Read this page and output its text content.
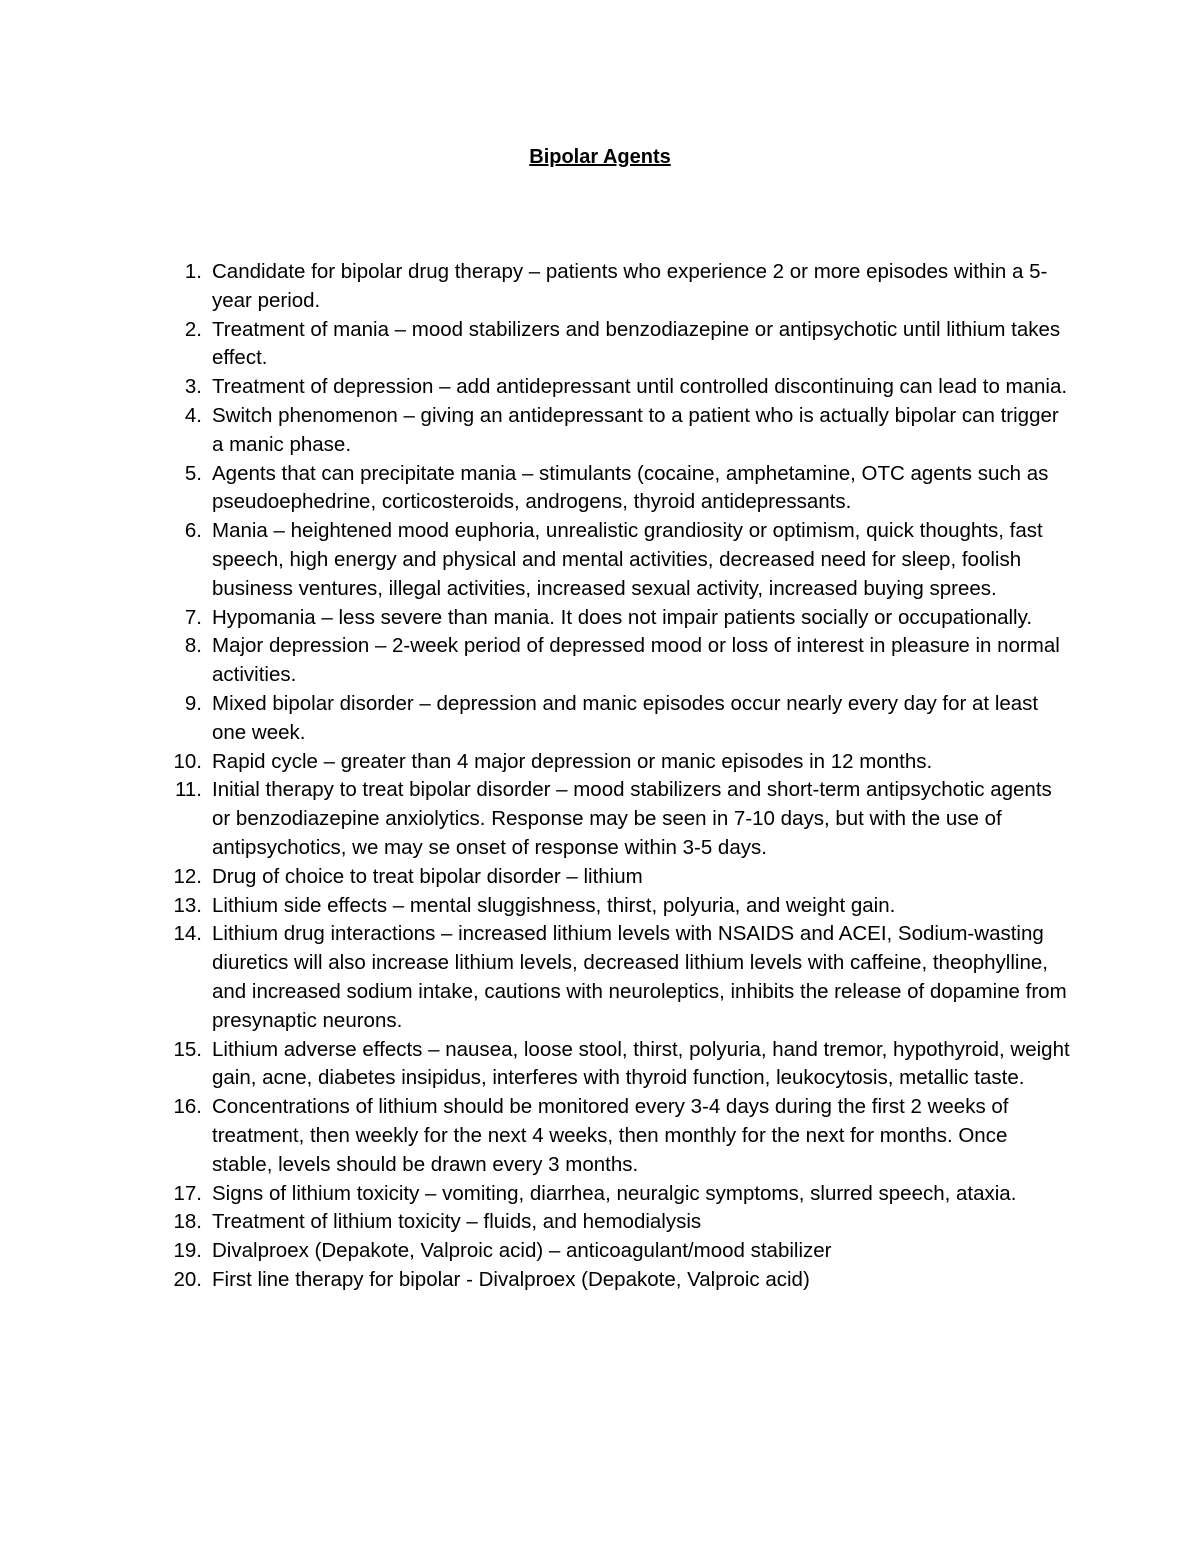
Bipolar Agents
1. Candidate for bipolar drug therapy – patients who experience 2 or more episodes within a 5-year period.
2. Treatment of mania – mood stabilizers and benzodiazepine or antipsychotic until lithium takes effect.
3. Treatment of depression – add antidepressant until controlled discontinuing can lead to mania.
4. Switch phenomenon – giving an antidepressant to a patient who is actually bipolar can trigger a manic phase.
5. Agents that can precipitate mania – stimulants (cocaine, amphetamine, OTC agents such as pseudoephedrine, corticosteroids, androgens, thyroid antidepressants.
6. Mania – heightened mood euphoria, unrealistic grandiosity or optimism, quick thoughts, fast speech, high energy and physical and mental activities, decreased need for sleep, foolish business ventures, illegal activities, increased sexual activity, increased buying sprees.
7. Hypomania – less severe than mania. It does not impair patients socially or occupationally.
8. Major depression – 2-week period of depressed mood or loss of interest in pleasure in normal activities.
9. Mixed bipolar disorder – depression and manic episodes occur nearly every day for at least one week.
10. Rapid cycle – greater than 4 major depression or manic episodes in 12 months.
11. Initial therapy to treat bipolar disorder – mood stabilizers and short-term antipsychotic agents or benzodiazepine anxiolytics. Response may be seen in 7-10 days, but with the use of antipsychotics, we may se onset of response within 3-5 days.
12. Drug of choice to treat bipolar disorder – lithium
13. Lithium side effects – mental sluggishness, thirst, polyuria, and weight gain.
14. Lithium drug interactions – increased lithium levels with NSAIDS and ACEI, Sodium-wasting diuretics will also increase lithium levels, decreased lithium levels with caffeine, theophylline, and increased sodium intake, cautions with neuroleptics, inhibits the release of dopamine from presynaptic neurons.
15. Lithium adverse effects – nausea, loose stool, thirst, polyuria, hand tremor, hypothyroid, weight gain, acne, diabetes insipidus, interferes with thyroid function, leukocytosis, metallic taste.
16. Concentrations of lithium should be monitored every 3-4 days during the first 2 weeks of treatment, then weekly for the next 4 weeks, then monthly for the next for months. Once stable, levels should be drawn every 3 months.
17. Signs of lithium toxicity – vomiting, diarrhea, neuralgic symptoms, slurred speech, ataxia.
18. Treatment of lithium toxicity – fluids, and hemodialysis
19. Divalproex (Depakote, Valproic acid) – anticoagulant/mood stabilizer
20. First line therapy for bipolar - Divalproex (Depakote, Valproic acid)
